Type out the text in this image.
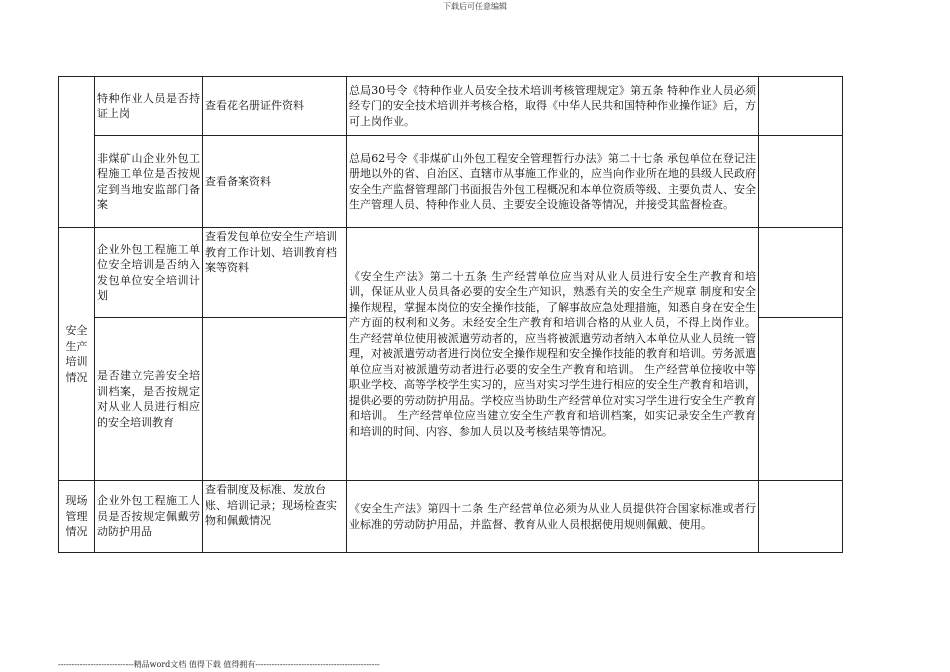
下载后可任意编辑
	特种作业人员是否持证上岗	查看花名册证件资料	总局30号令《特种作业人员安全技术培训考核管理规定》第五条 特种作业人员必须经专门的安全技术培训并考核合格，取得《中华人民共和国特种作业操作证》后，方可上岗作业。	
	非煤矿山企业外包工程施工单位是否按规定到当地安监部门备案	查看备案资料	总局62号令《非煤矿山外包工程安全管理暂行办法》第二十七条 承包单位在登记注册地以外的省、自治区、直辖市从事施工作业的，应当向作业所在地的县级人民政府安全生产监督管理部门书面报告外包工程概况和本单位资质等级、主要负责人、安全生产管理人员、特种作业人员、主要安全设施设备等情况，并接受其监督检查。	
安全生产培训情况	企业外包工程施工单位安全培训是否纳入发包单位安全培训计划	查看发包单位安全生产培训教育工作计划、培训教育档案等资料	《安全生产法》第二十五条 生产经营单位应当对从业人员进行安全生产教育和培训，保证从业人员具备必要的安全生产知识，熟悉有关的安全生产规章 制度和安全操作规程，掌握本岗位的安全操作技能，了解事故应急处理措施，知悉自身在安全生产方面的权利和义务。未经安全生产教育和培训合格的从业人员，不得上岗作业。 生产经营单位使用被派遣劳动者的，应当将被派遣劳动者纳入本单位从业人员统一管理，对被派遣劳动者进行岗位安全操作规程和安全操作技能的教育和培训。劳务派遣单位应当对被派遣劳动者进行必要的安全生产教育和培训。 生产经营单位接收中等职业学校、高等学校学生实习的，应当对实习学生进行相应的安全生产教育和培训，提供必要的劳动防护用品。学校应当协助生产经营单位对实习学生进行安全生产教育和培训。 生产经营单位应当建立安全生产教育和培训档案，如实记录安全生产教育和培训的时间、内容、参加人员以及考核结果等情况。	
	是否建立完善安全培训档案，是否按规定对从业人员进行相应的安全培训教育			
现场管理情况	企业外包工程施工人员是否按规定佩戴劳动防护用品	查看制度及标准、发放台账、培训记录；现场检查实物和佩戴情况	《安全生产法》第四十二条 生产经营单位必须为从业人员提供符合国家标准或者行业标准的劳动防护用品，并监督、教育从业人员根据使用规则佩戴、使用。	
----------------------------精品word文档 值得下载 值得拥有----------------------------------------------
